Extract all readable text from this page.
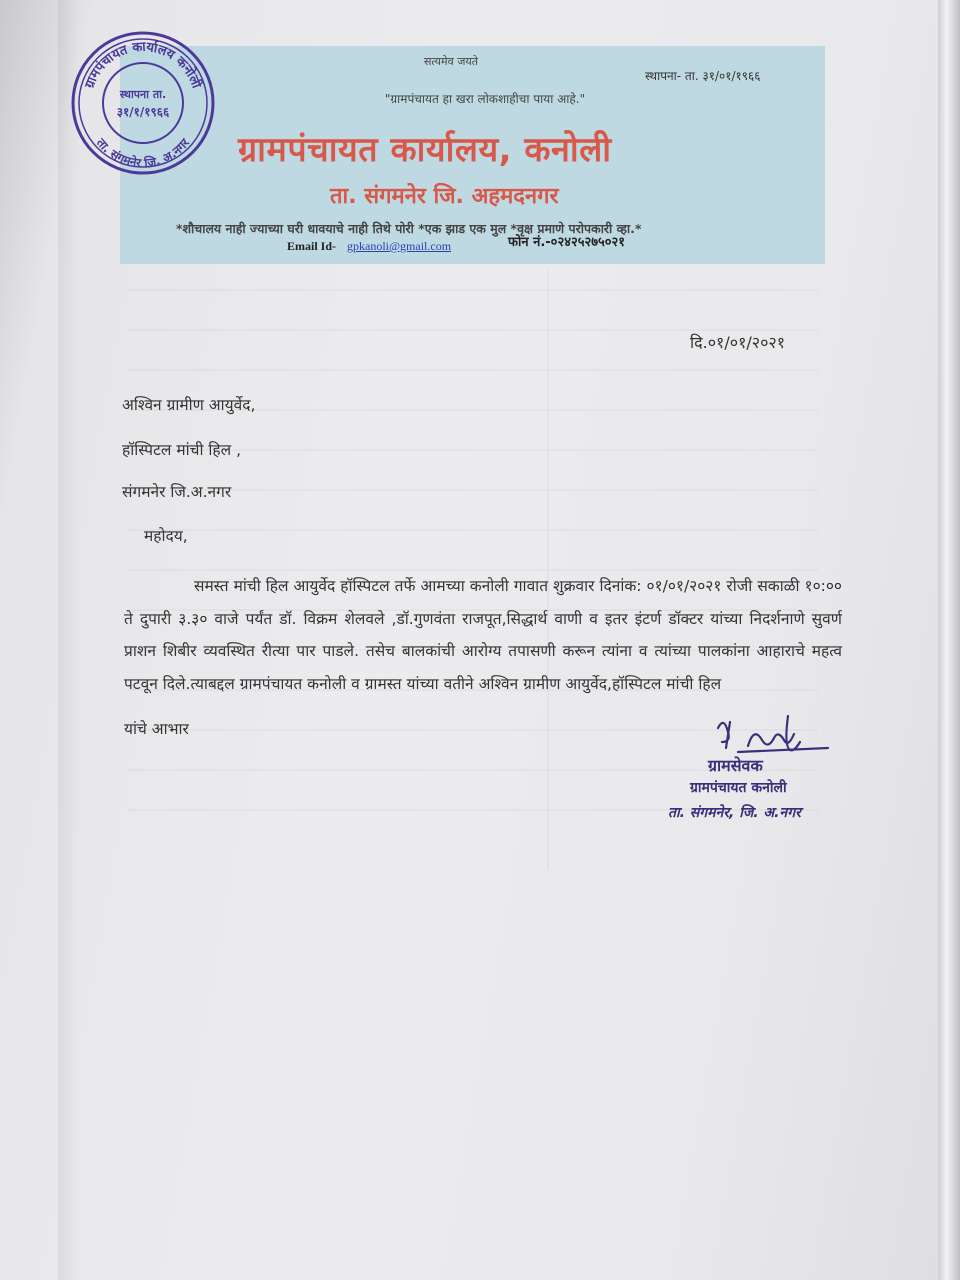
सत्यमेव जयते
स्थापना- ता. ३१/०१/१९६६
"ग्रामपंचायत हा खरा लोकशाहीचा पाया आहे."
ग्रामपंचायत कार्यालय, कनोली
ता. संगमनेर जि. अहमदनगर
*शौचालय नाही ज्याच्या घरी धावयाचे नाही तिथे पोरी *एक झाड एक मुल *वृक्ष प्रमाणे परोपकारी व्हा.*
Email Id- gpkanoli@gmail.com	फोन नं.-०२४२५२७५०२१
ग्रामपंचायत कार्यालय कनोली
ता. संगमनेर जि. अ.नगर
स्थापना ता.
३१/१/१९६६
दि.०१/०१/२०२१
अश्विन ग्रामीण आयुर्वेद,
हॉस्पिटल मांची हिल ,
संगमनेर जि.अ.नगर
महोदय,
समस्त मांची हिल आयुर्वेद हॉस्पिटल तर्फे आमच्या कनोली गावात शुक्रवार दिनांक: ०१/०१/२०२१ रोजी सकाळी १०:०० ते दुपारी ३.३० वाजे पर्यंत डॉ. विक्रम शेलवले ,डॉ.गुणवंता राजपूत,सिद्धार्थ वाणी व इतर इंटर्ण डॉक्टर यांच्या निदर्शनाणे सुवर्ण प्राशन शिबीर व्यवस्थित रीत्या पार पाडले. तसेच बालकांची आरोग्य तपासणी करून त्यांना व त्यांच्या पालकांना आहाराचे महत्व पटवून दिले.त्याबद्दल ग्रामपंचायत कनोली व ग्रामस्त यांच्या वतीने अश्विन ग्रामीण आयुर्वेद,हॉस्पिटल मांची हिल
यांचे आभार
ग्रामसेवक
ग्रामपंचायत कनोली
ता. संगमनेर, जि. अ.नगर
